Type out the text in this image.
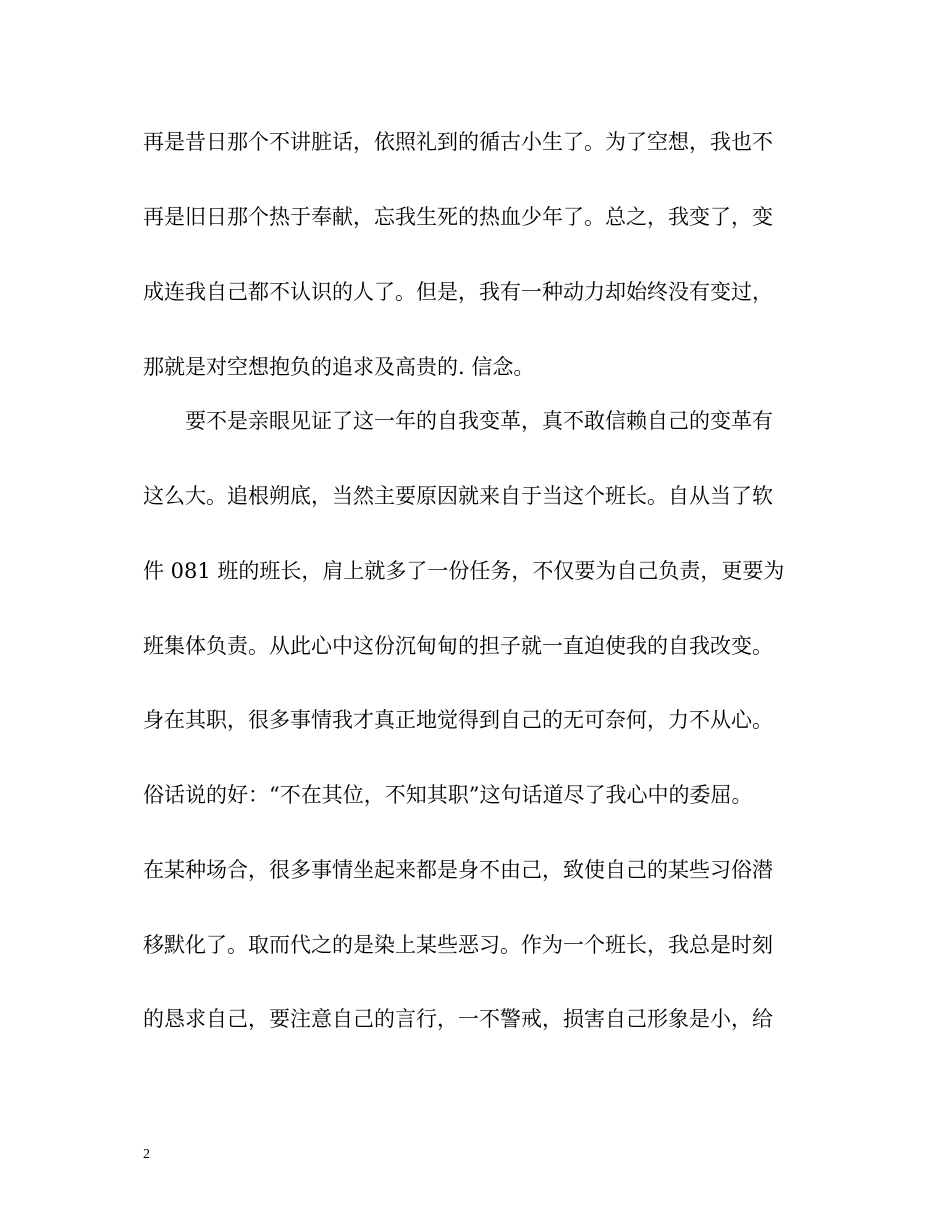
再是昔日那个不讲脏话，依照礼到的循古小生了。为了空想，我也不
再是旧日那个热于奉献，忘我生死的热血少年了。总之，我变了，变
成连我自己都不认识的人了。但是，我有一种动力却始终没有变过，
那就是对空想抱负的追求及高贵的. 信念。
　　要不是亲眼见证了这一年的自我变革，真不敢信赖自己的变革有
这么大。追根朔底，当然主要原因就来自于当这个班长。自从当了软
件 081 班的班长，肩上就多了一份任务，不仅要为自己负责，更要为
班集体负责。从此心中这份沉甸甸的担子就一直迫使我的自我改变。
身在其职，很多事情我才真正地觉得到自己的无可奈何，力不从心。
俗话说的好：“不在其位，不知其职”这句话道尽了我心中的委屈。
在某种场合，很多事情坐起来都是身不由己，致使自己的某些习俗潜
移默化了。取而代之的是染上某些恶习。作为一个班长，我总是时刻
的恳求自己，要注意自己的言行，一不警戒，损害自己形象是小，给
2
